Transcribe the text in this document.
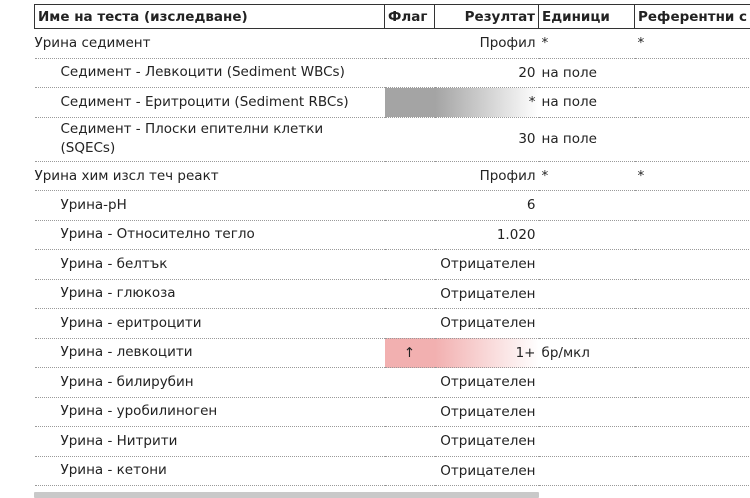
Име на теста (изследване)	Флаг	Резултат	Единици	Референтни с
Урина седимент		Профил	*	*
Седимент - Левкоцити (Sediment WBCs)		20	на поле	
Седимент - Еритроцити (Sediment RBCs)		*	на поле	
Седимент - Плоски епителни клетки (SQECs)		30	на поле	
Урина хим изсл теч реакт		Профил	*	*
Урина-pH		6		
Урина - Относително тегло		1.020		
Урина - белтък		Отрицателен		
Урина - глюкоза		Отрицателен		
Урина - еритроцити		Отрицателен		
Урина - левкоцити	↑	1+	бр/мкл	
Урина - билирубин		Отрицателен		
Урина - уробилиноген		Отрицателен		
Урина - Нитрити		Отрицателен		
Урина - кетони		Отрицателен		
